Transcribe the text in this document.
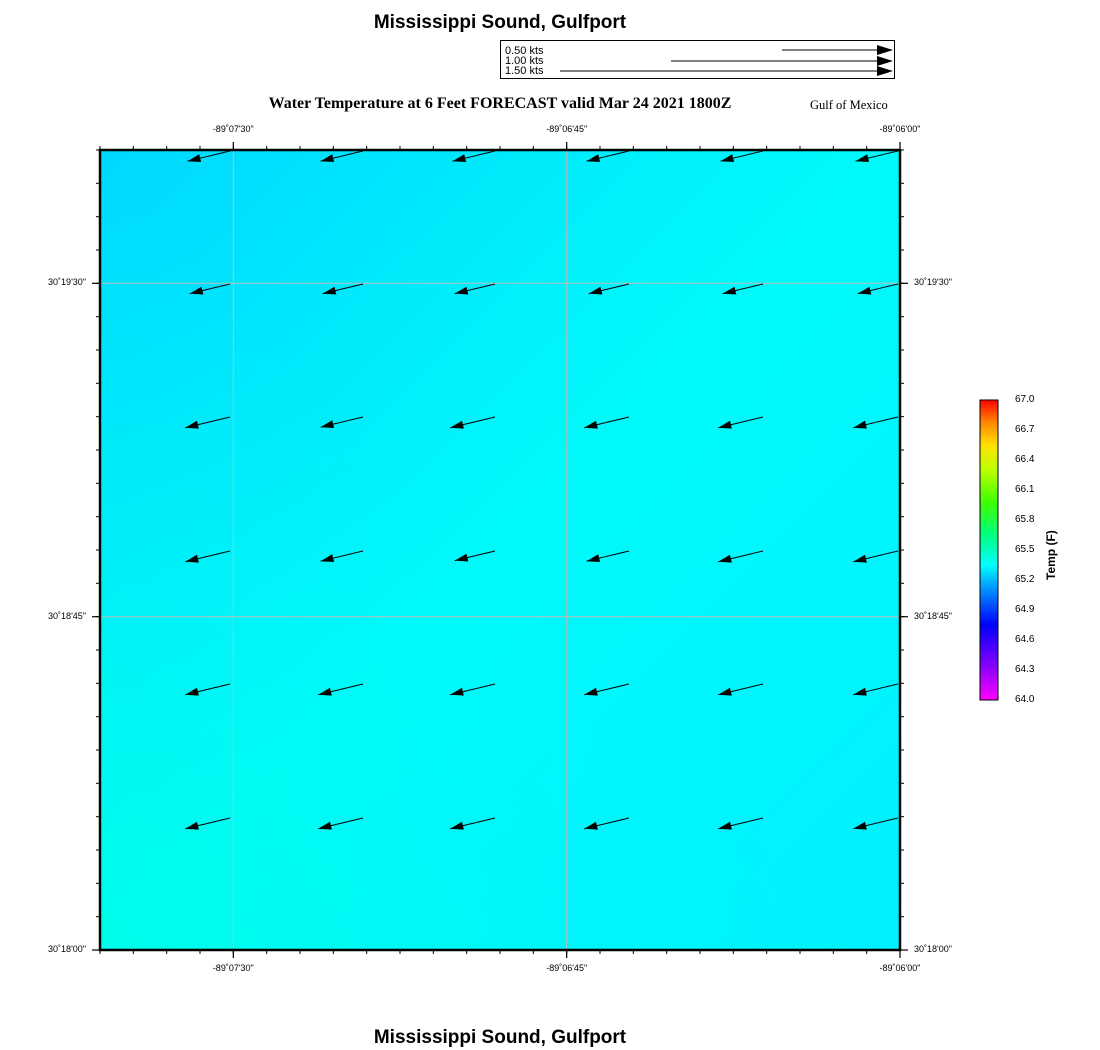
Mississippi Sound, Gulfport
Water Temperature at 6 Feet FORECAST valid Mar 24 2021 1800Z	Gulf of Mexico
Mississippi Sound, Gulfport
0.50 kts
1.00 kts
1.50 kts
-89˚07'30"
-89˚07'30"
-89˚06'45"
-89˚06'45"
-89˚06'00"
-89˚06'00"
30˚19'30"	30˚19'30"
30˚18'45"	30˚18'45"
30˚18'00"	30˚18'00"
67.0
66.7
66.4
66.1
65.8
65.5
65.2
64.9
64.6
64.3
64.0
Temp (F)
